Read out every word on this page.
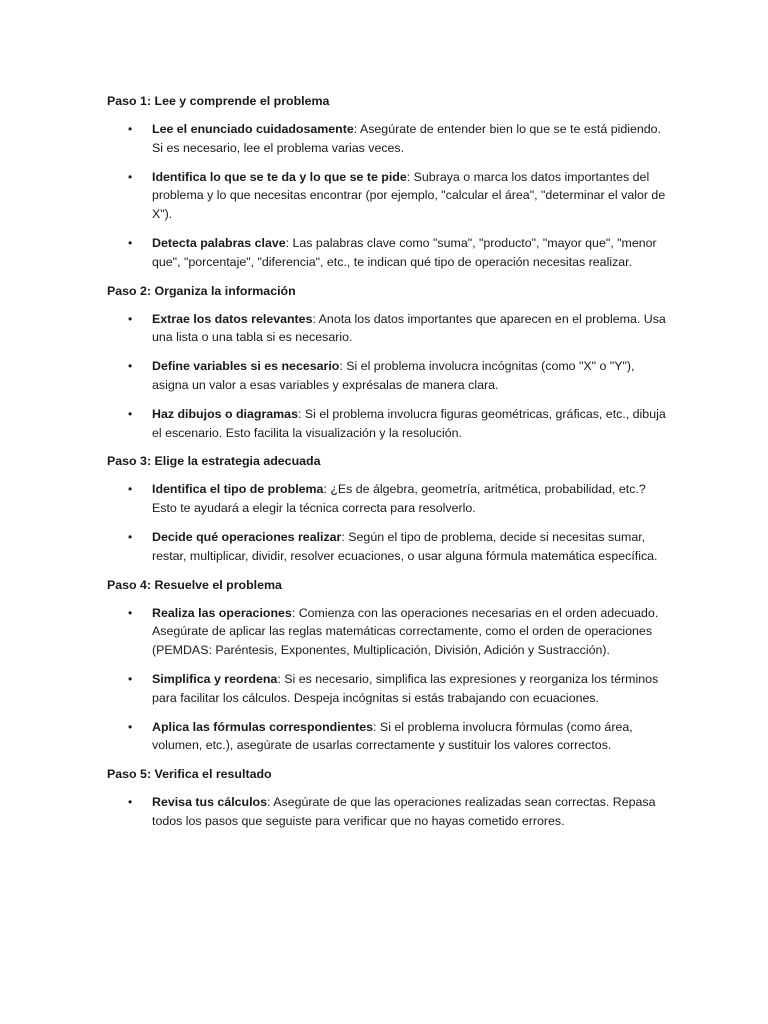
Paso 1: Lee y comprende el problema
• Lee el enunciado cuidadosamente: Asegúrate de entender bien lo que se te está pidiendo. Si es necesario, lee el problema varias veces.
• Identifica lo que se te da y lo que se te pide: Subraya o marca los datos importantes del problema y lo que necesitas encontrar (por ejemplo, "calcular el área", "determinar el valor de X").
• Detecta palabras clave: Las palabras clave como "suma", "producto", "mayor que", "menor que", "porcentaje", "diferencia", etc., te indican qué tipo de operación necesitas realizar.
Paso 2: Organiza la información
• Extrae los datos relevantes: Anota los datos importantes que aparecen en el problema. Usa una lista o una tabla si es necesario.
• Define variables si es necesario: Si el problema involucra incógnitas (como "X" o "Y"), asigna un valor a esas variables y exprésalas de manera clara.
• Haz dibujos o diagramas: Si el problema involucra figuras geométricas, gráficas, etc., dibuja el escenario. Esto facilita la visualización y la resolución.
Paso 3: Elige la estrategia adecuada
• Identifica el tipo de problema: ¿Es de álgebra, geometría, aritmética, probabilidad, etc.? Esto te ayudará a elegir la técnica correcta para resolverlo.
• Decide qué operaciones realizar: Según el tipo de problema, decide si necesitas sumar, restar, multiplicar, dividir, resolver ecuaciones, o usar alguna fórmula matemática específica.
Paso 4: Resuelve el problema
• Realiza las operaciones: Comienza con las operaciones necesarias en el orden adecuado. Asegúrate de aplicar las reglas matemáticas correctamente, como el orden de operaciones (PEMDAS: Paréntesis, Exponentes, Multiplicación, División, Adición y Sustracción).
• Simplifica y reordena: Si es necesario, simplifica las expresiones y reorganiza los términos para facilitar los cálculos. Despeja incógnitas si estás trabajando con ecuaciones.
• Aplica las fórmulas correspondientes: Si el problema involucra fórmulas (como área, volumen, etc.), asegúrate de usarlas correctamente y sustituir los valores correctos.
Paso 5: Verifica el resultado
• Revisa tus cálculos: Asegúrate de que las operaciones realizadas sean correctas. Repasa todos los pasos que seguiste para verificar que no hayas cometido errores.
